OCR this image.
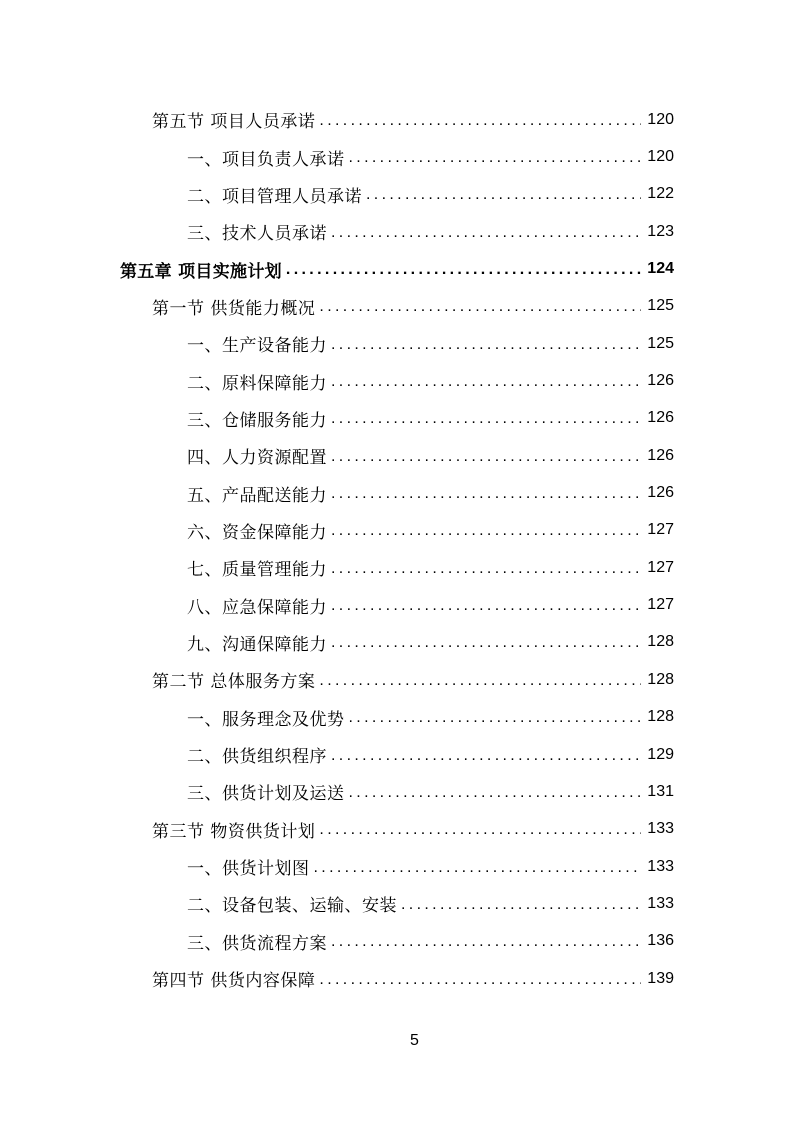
第五节 项目人员承诺 .....	120
一、项目负责人承诺 .....	120
二、项目管理人员承诺 .....	122
三、技术人员承诺 .....	123
第五章 项目实施计划 .....	124
第一节 供货能力概况 .....	125
一、生产设备能力 .....	125
二、原料保障能力 .....	126
三、仓储服务能力 .....	126
四、人力资源配置 .....	126
五、产品配送能力 .....	126
六、资金保障能力 .....	127
七、质量管理能力 .....	127
八、应急保障能力 .....	127
九、沟通保障能力 .....	128
第二节 总体服务方案 .....	128
一、服务理念及优势 .....	128
二、供货组织程序 .....	129
三、供货计划及运送 .....	131
第三节 物资供货计划 .....	133
一、供货计划图 .....	133
二、设备包装、运输、安装 .....	133
三、供货流程方案 .....	136
第四节 供货内容保障 .....	139
5
